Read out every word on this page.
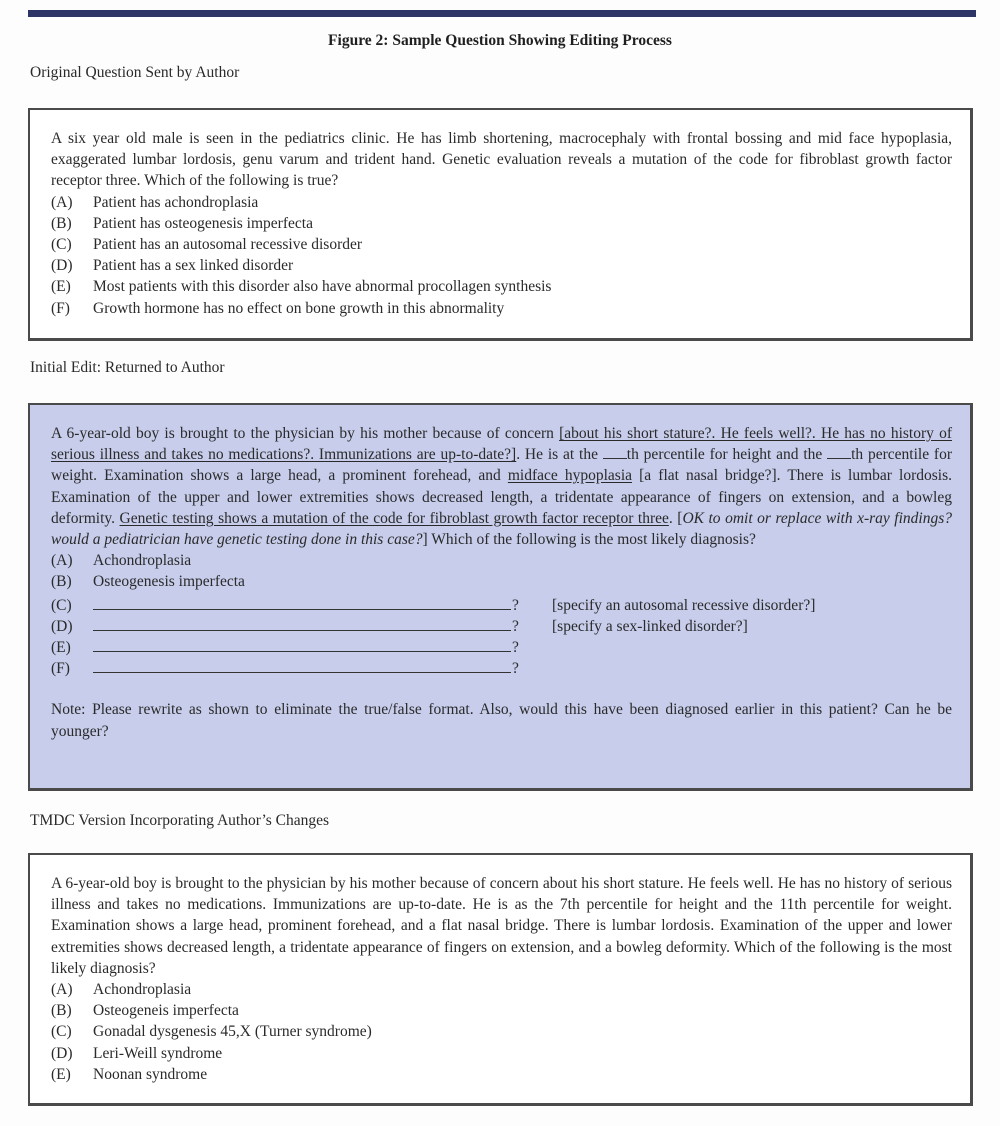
Figure 2: Sample Question Showing Editing Process
Original Question Sent by Author

A six year old male is seen in the pediatrics clinic. He has limb shortening, macrocephaly with frontal bossing and mid face hypoplasia, exaggerated lumbar lordosis, genu varum and trident hand. Genetic evaluation reveals a mutation of the code for fibroblast growth factor receptor three. Which of the following is true?

(A)	Patient has achondroplasia
(B)	Patient has osteogenesis imperfecta
(C)	Patient has an autosomal recessive disorder
(D)	Patient has a sex linked disorder
(E)	Most patients with this disorder also have abnormal procollagen synthesis
(F)	Growth hormone has no effect on bone growth in this abnormality
Initial Edit: Returned to Author

A 6-year-old boy is brought to the physician by his mother because of concern [about his short stature?. He feels well?. He has no history of serious illness and takes no medications?. Immunizations are up-to-date?]. He is at the th percentile for height and the th percentile for weight. Examination shows a large head, a prominent forehead, and midface hypoplasia [a flat nasal bridge?]. There is lumbar lordosis. Examination of the upper and lower extremities shows decreased length, a tridentate appearance of fingers on extension, and a bowleg deformity. Genetic testing shows a mutation of the code for fibroblast growth factor receptor three. [OK to omit or replace with x-ray findings? would a pediatrician have genetic testing done in this case?] Which of the following is the most likely diagnosis?

(A)	Achondroplasia
(B)	Osteogenesis imperfecta
(C)	?	[specify an autosomal recessive disorder?]
(D)	?	[specify a sex-linked disorder?]
(E)	?
(F)	?

Note: Please rewrite as shown to eliminate the true/false format. Also, would this have been diagnosed earlier in this patient? Can he be younger?

TMDC Version Incorporating Author’s Changes

A 6-year-old boy is brought to the physician by his mother because of concern about his short stature. He feels well. He has no history of serious illness and takes no medications. Immunizations are up-to-date. He is as the 7th percentile for height and the 11th percentile for weight. Examination shows a large head, prominent forehead, and a flat nasal bridge. There is lumbar lordosis. Examination of the upper and lower extremities shows decreased length, a tridentate appearance of fingers on extension, and a bowleg deformity. Which of the following is the most likely diagnosis?

(A)	Achondroplasia
(B)	Osteogeneis imperfecta
(C)	Gonadal dysgenesis 45,X (Turner syndrome)
(D)	Leri-Weill syndrome
(E)	Noonan syndrome
